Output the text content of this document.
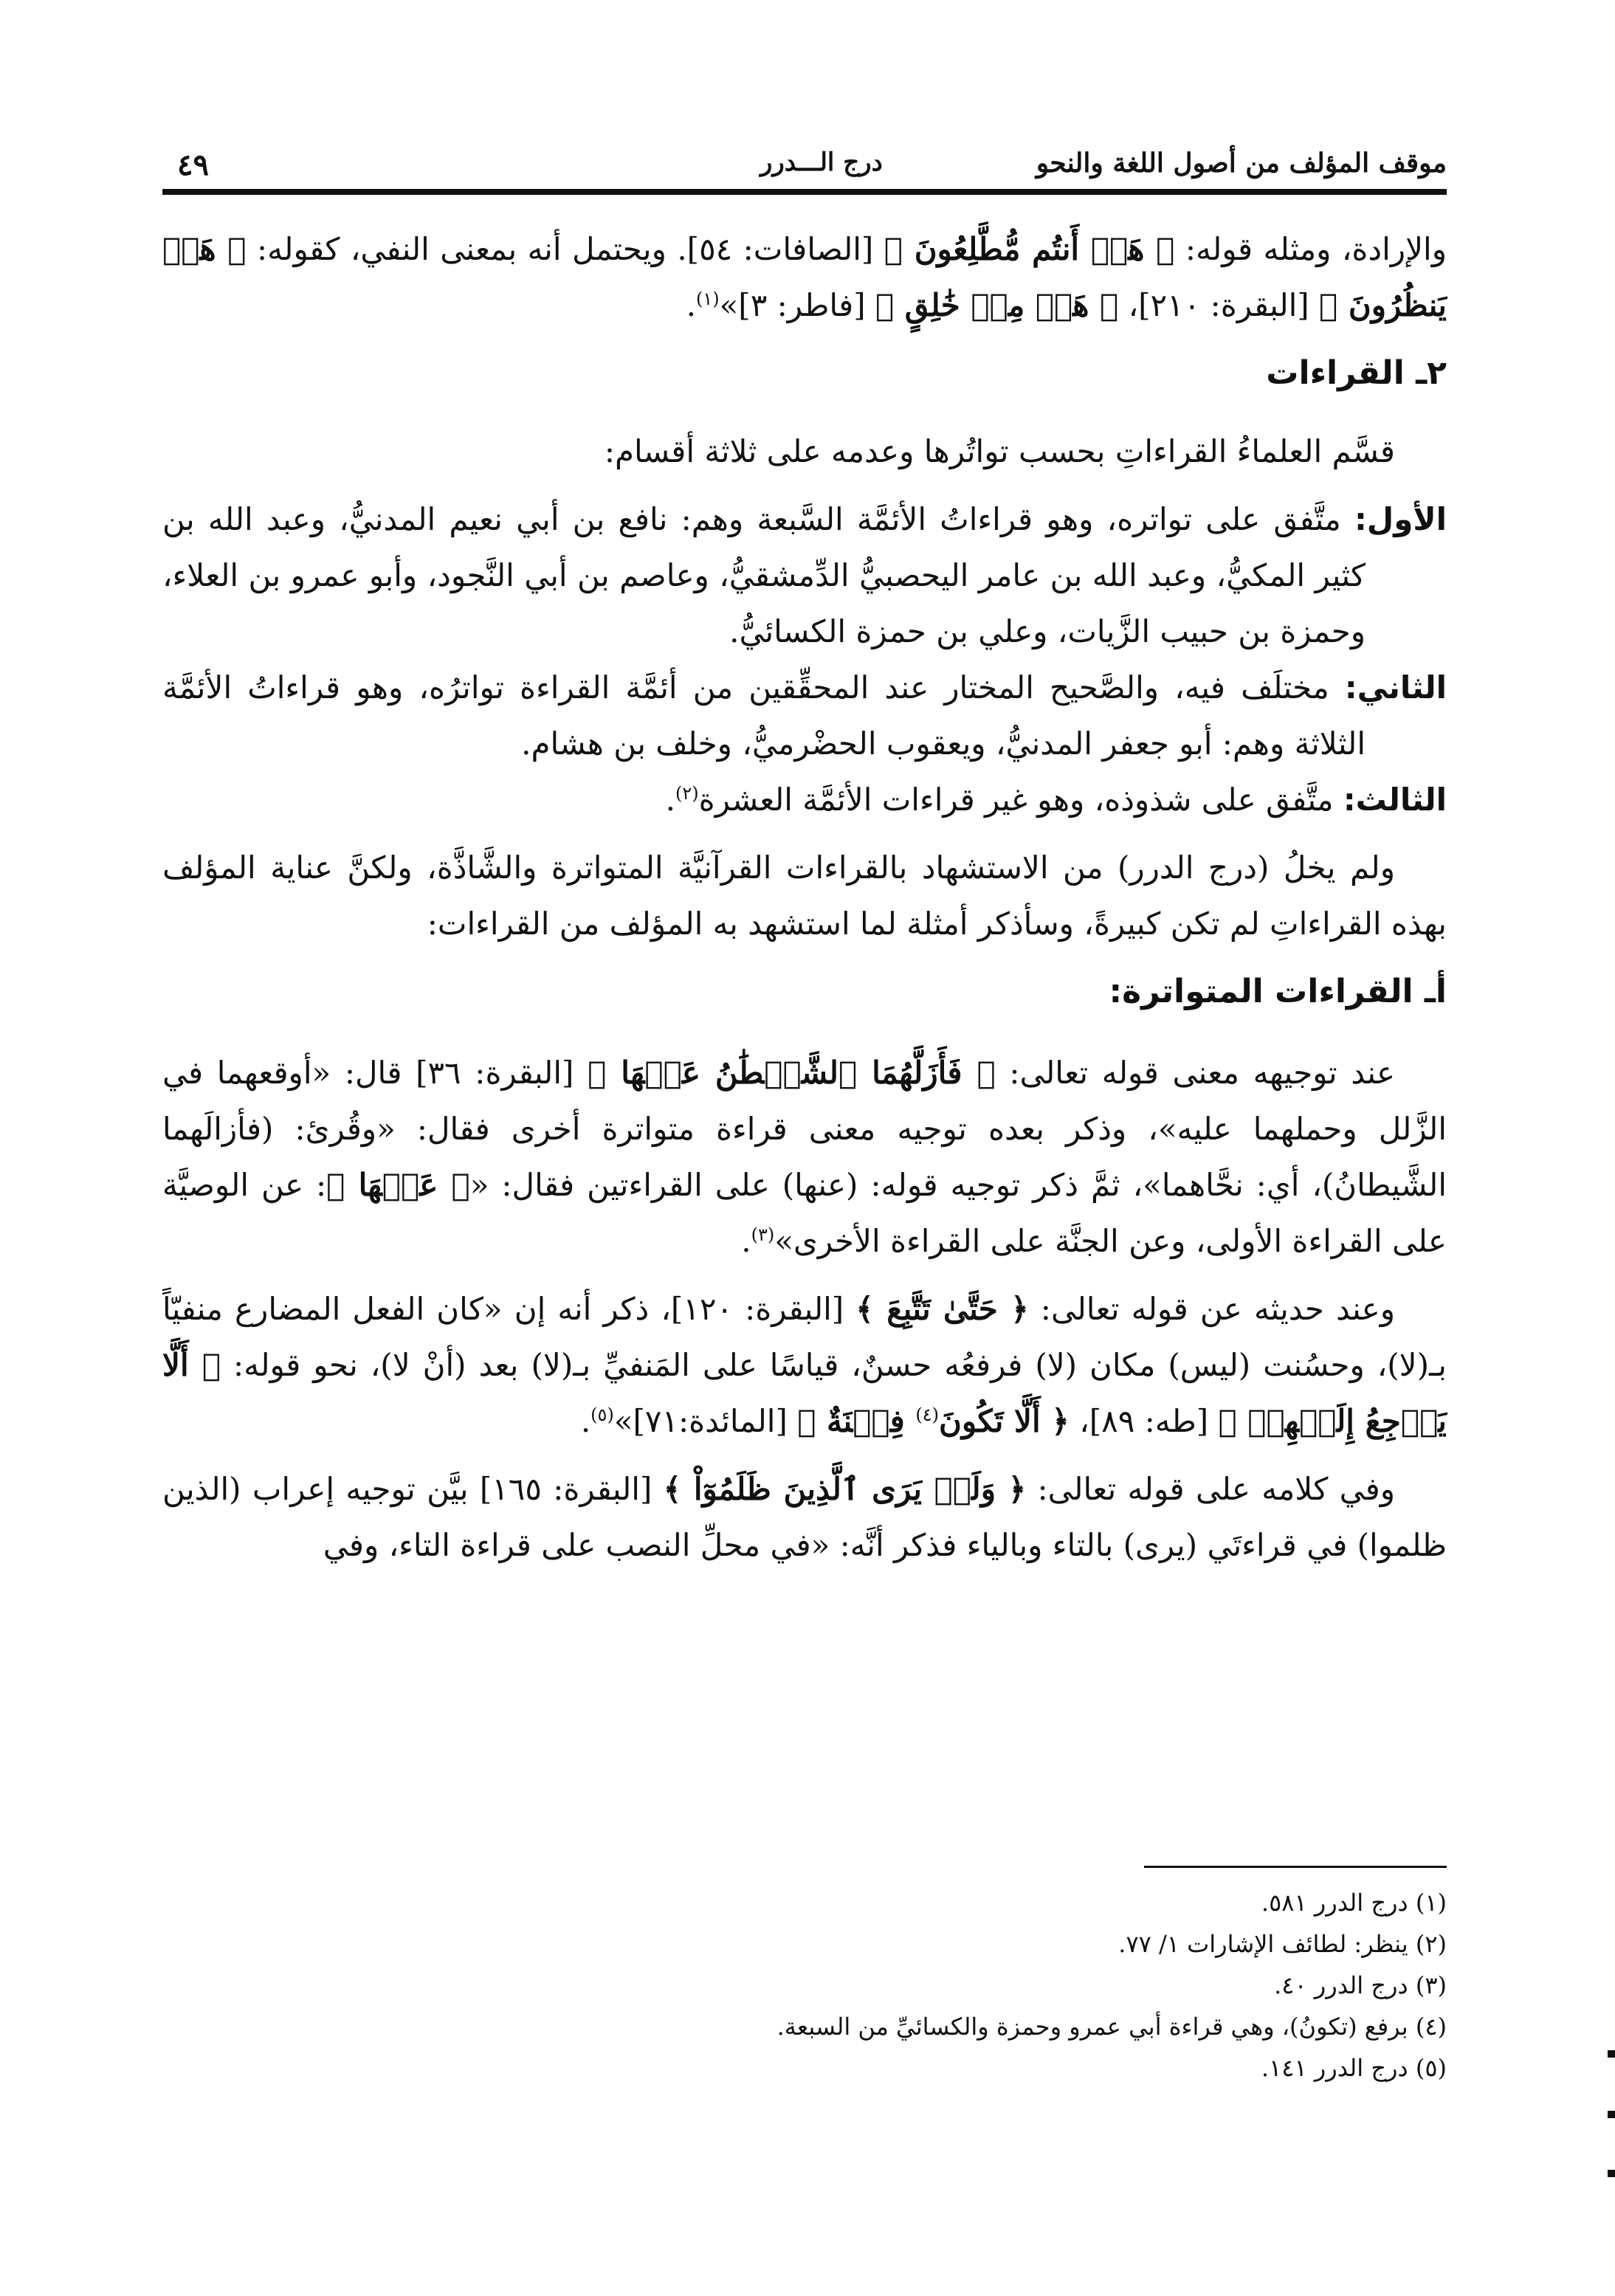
موقف المؤلف من أصول اللغة والنحو
درج الـــدرر
٤٩

والإرادة، ومثله قوله: ﴿ هَلۡ أَنتُم مُّطَّلِعُونَ ﴾ [الصافات: ٥٤]. ويحتمل أنه بمعنى النفي، كقوله: ﴿ هَلۡ يَنظُرُونَ ﴾ [البقرة: ٢١٠]، ﴿ هَلۡ مِنۡ خَٰلِقٍ ﴾ [فاطر: ٣]»$^{(١)}$.

٢ـ القراءات

قسَّم العلماءُ القراءاتِ بحسب تواتُرها وعدمه على ثلاثة أقسام:

الأول: متَّفق على تواتره، وهو قراءاتُ الأئمَّة السَّبعة وهم: نافع بن أبي نعيم المدنيُّ، وعبد الله بن كثير المكيُّ، وعبد الله بن عامر اليحصبيُّ الدِّمشقيُّ، وعاصم بن أبي النَّجود، وأبو عمرو بن العلاء، وحمزة بن حبيب الزَّيات، وعلي بن حمزة الكسائيُّ.

الثاني: مختلَف فيه، والصَّحيح المختار عند المحقِّقين من أئمَّة القراءة تواترُه، وهو قراءاتُ الأئمَّة الثلاثة وهم: أبو جعفر المدنيُّ، ويعقوب الحضْرميُّ، وخلف بن هشام.

الثالث: متَّفق على شذوذه، وهو غير قراءات الأئمَّة العشرة$^{(٢)}$.

ولم يخلُ (درج الدرر) من الاستشهاد بالقراءات القرآنيَّة المتواترة والشَّاذَّة، ولكنَّ عناية المؤلف بهذه القراءاتِ لم تكن كبيرةً، وسأذكر أمثلة لما استشهد به المؤلف من القراءات:

أـ القراءات المتواترة:

عند توجيهه معنى قوله تعالى: ﴿ فَأَزَلَّهُمَا ٱلشَّيۡطَٰنُ عَنۡهَا ﴾ [البقرة: ٣٦] قال: «أوقعهما في الزَّلل وحملهما عليه»، وذكر بعده توجيه معنى قراءة متواترة أخرى فقال: «وقُرئ: (فأزالَهما الشَّيطانُ)، أي: نحَّاهما»، ثمَّ ذكر توجيه قوله: (عنها) على القراءتين فقال: «﴿ عَنۡهَا ﴾: عن الوصيَّة على القراءة الأولى، وعن الجنَّة على القراءة الأخرى»$^{(٣)}$.

وعند حديثه عن قوله تعالى: ﴿ حَتَّىٰ تَتَّبِعَ ﴾ [البقرة: ١٢٠]، ذكر أنه إن «كان الفعل المضارع منفيّاً بـ(لا)، وحسُنت (ليس) مكان (لا) فرفعُه حسنٌ، قياسًا على المَنفيِّ بـ(لا) بعد (أنْ لا)، نحو قوله: ﴿ أَلَّا يَرۡجِعُ إِلَيۡهِمۡ ﴾ [طه: ٨٩]، ﴿ أَلَّا تَكُونَ$^{(٤)}$ فِتۡنَةٌ ﴾ [المائدة:٧١]»$^{(٥)}$.

وفي كلامه على قوله تعالى: ﴿ وَلَوۡ يَرَى ٱلَّذِينَ ظَلَمُوٓاْ ﴾ [البقرة: ١٦٥] بيَّن توجيه إعراب (الذين ظلموا) في قراءتَي (يرى) بالتاء وبالياء فذكر أنَّه: «في محلِّ النصب على قراءة التاء، وفي

(١) درج الدرر ٥٨١.

(٢) ينظر: لطائف الإشارات ١/ ٧٧.

(٣) درج الدرر ٤٠.

(٤) برفع (تكونُ)، وهي قراءة أبي عمرو وحمزة والكسائيِّ من السبعة.

(٥) درج الدرر ١٤١.
